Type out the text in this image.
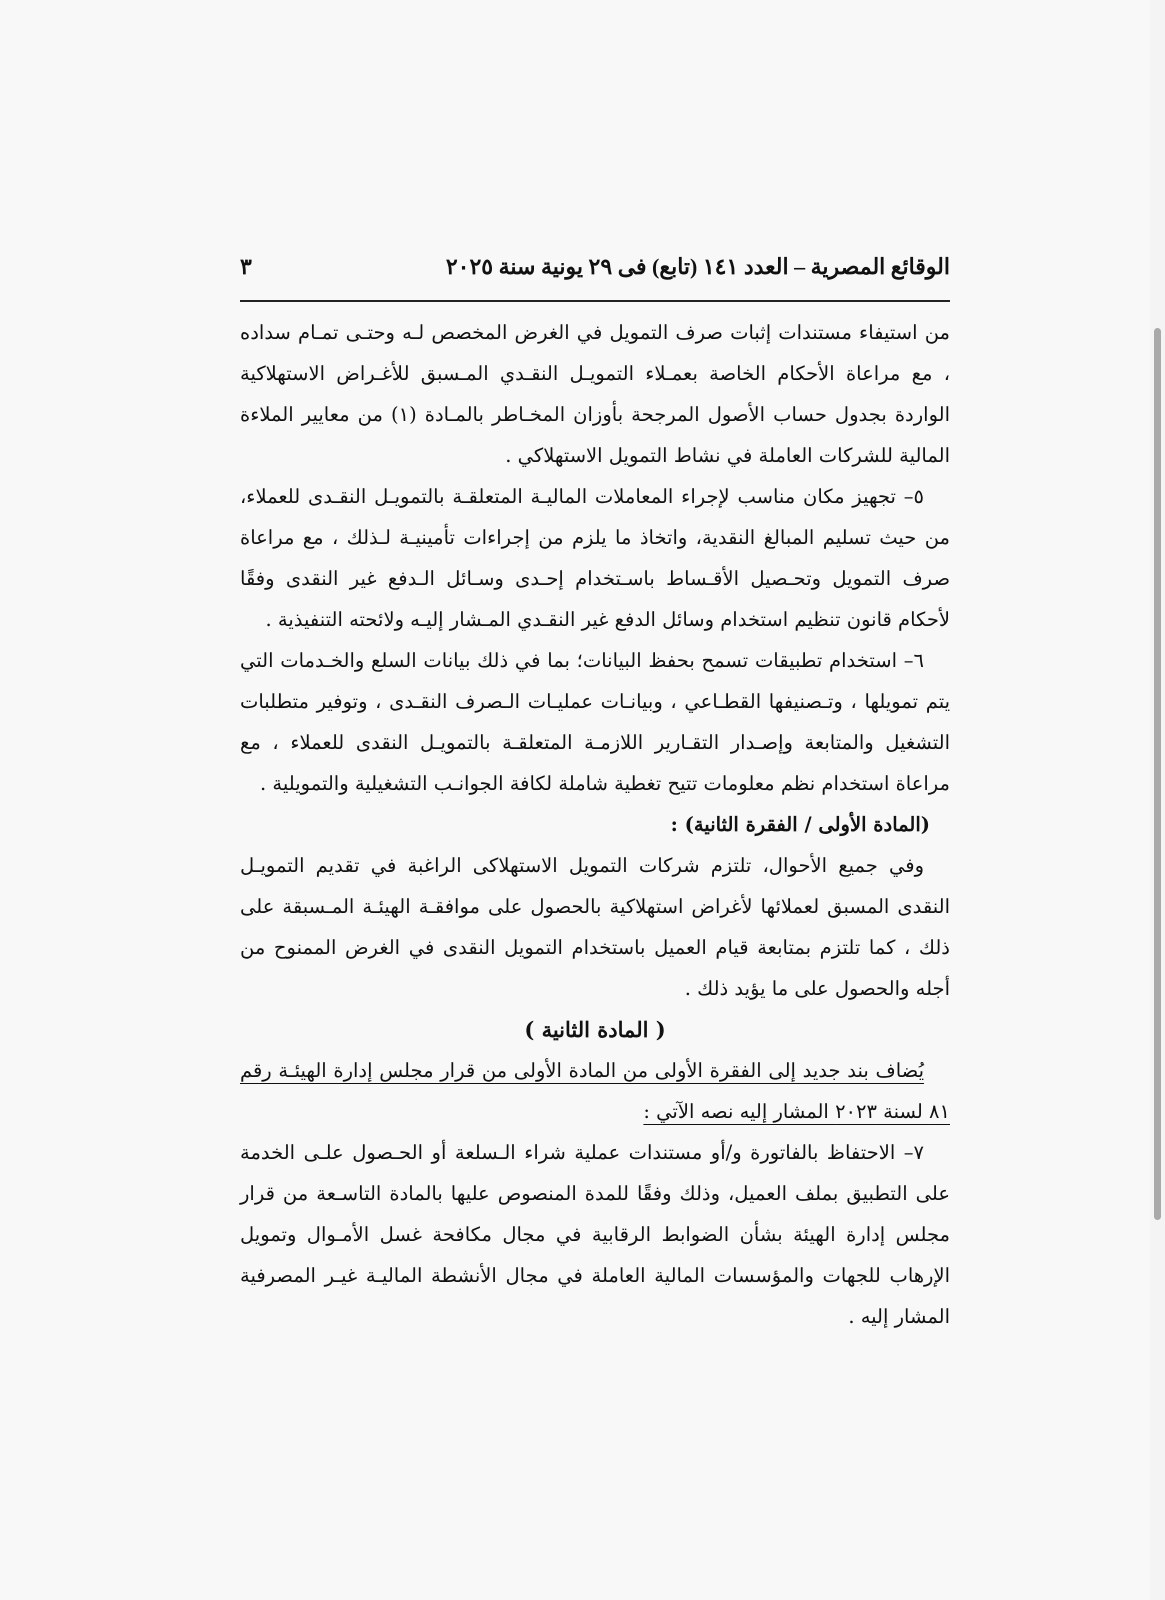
الوقائع المصرية – العدد ١٤١ (تابع) فى ٢٩ يونية سنة ٢٠٢٥
٣

من استيفاء مستندات إثبات صرف التمويل في الغرض المخصص لـه وحتـى تمـام سداده ، مع مراعاة الأحكام الخاصة بعمـلاء التمويـل النقـدي المـسبق للأغـراض الاستهلاكية الواردة بجدول حساب الأصول المرجحة بأوزان المخـاطر بالمـادة (١) من معايير الملاءة المالية للشركات العاملة في نشاط التمويل الاستهلاكي .

٥– تجهيز مكان مناسب لإجراء المعاملات الماليـة المتعلقـة بالتمويـل النقـدى للعملاء، من حيث تسليم المبالغ النقدية، واتخاذ ما يلزم من إجراءات تأمينيـة لـذلك ، مع مراعاة صرف التمويل وتحـصيل الأقـساط باسـتخدام إحـدى وسـائل الـدفع غير النقدى وفقًا لأحكام قانون تنظيم استخدام وسائل الدفع غير النقـدي المـشار إليـه ولائحته التنفيذية .

٦– استخدام تطبيقات تسمح بحفظ البيانات؛ بما في ذلك بيانات السلع والخـدمات التي يتم تمويلها ، وتـصنيفها القطـاعي ، وبيانـات عمليـات الـصرف النقـدى ، وتوفير متطلبات التشغيل والمتابعة وإصـدار التقـارير اللازمـة المتعلقـة بالتمويـل النقدى للعملاء ، مع مراعاة استخدام نظم معلومات تتيح تغطية شاملة لكافة الجوانـب التشغيلية والتمويلية .

(المادة الأولى / الفقرة الثانية) :

وفي جميع الأحوال، تلتزم شركات التمويل الاستهلاكى الراغبة في تقديم التمويـل النقدى المسبق لعملائها لأغراض استهلاكية بالحصول على موافقـة الهيئـة المـسبقة على ذلك ، كما تلتزم بمتابعة قيام العميل باستخدام التمويل النقدى في الغرض الممنوح من أجله والحصول على ما يؤيد ذلك .

( المادة الثانية )

يُضاف بند جديد إلى الفقرة الأولى من المادة الأولى من قرار مجلس إدارة الهيئـة رقم ٨١ لسنة ٢٠٢٣ المشار إليه نصه الآتي :

٧– الاحتفاظ بالفاتورة و/أو مستندات عملية شراء الـسلعة أو الحـصول علـى الخدمة على التطبيق بملف العميل، وذلك وفقًا للمدة المنصوص عليها بالمادة التاسـعة من قرار مجلس إدارة الهيئة بشأن الضوابط الرقابية في مجال مكافحة غسل الأمـوال وتمويل الإرهاب للجهات والمؤسسات المالية العاملة في مجال الأنشطة الماليـة غيـر المصرفية المشار إليه .
